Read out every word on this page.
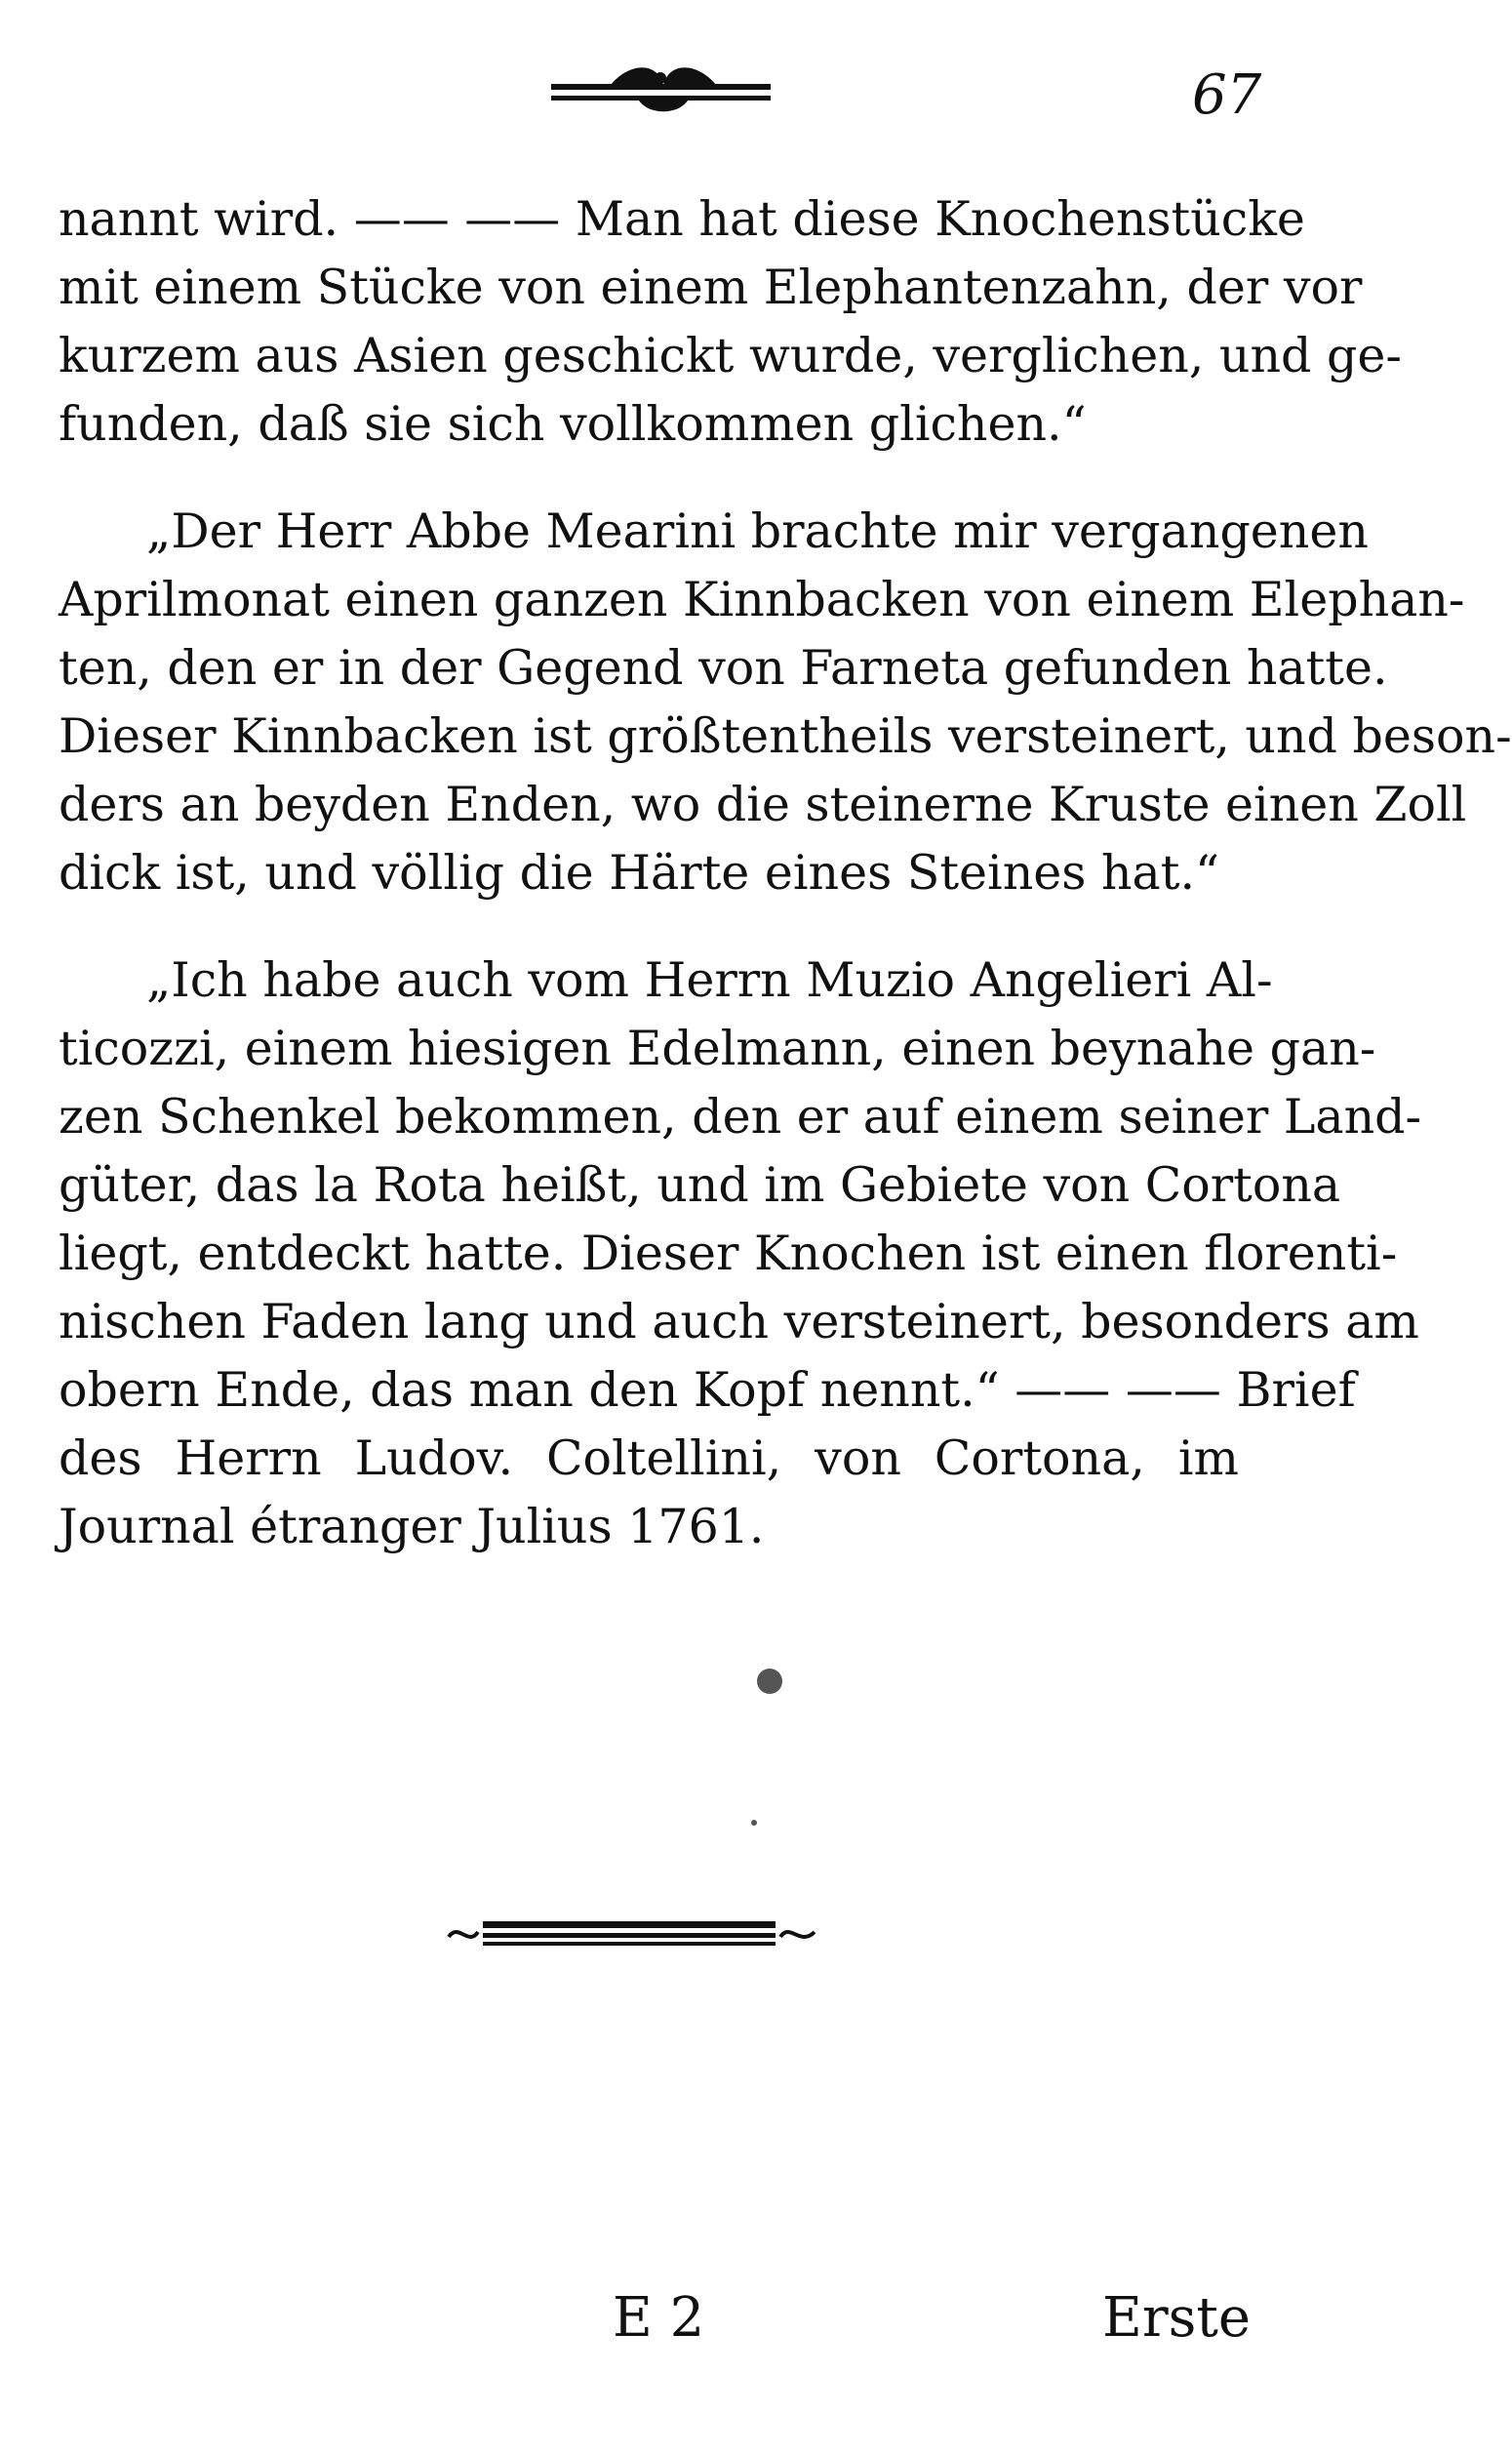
67
nannt wird. —— —— Man hat diese Knochenstücke
mit einem Stücke von einem Elephantenzahn, der vor
kurzem aus Asien geschickt wurde, verglichen, und ge-
funden, daß sie sich vollkommen glichen.“
„Der Herr Abbe Mearini brachte mir vergangenen
Aprilmonat einen ganzen Kinnbacken von einem Elephan-
ten, den er in der Gegend von Farneta gefunden hatte.
Dieser Kinnbacken ist größtentheils versteinert, und beson-
ders an beyden Enden, wo die steinerne Kruste einen Zoll
dick ist, und völlig die Härte eines Steines hat.“
„Ich habe auch vom Herrn Muzio Angelieri Al-
ticozzi, einem hiesigen Edelmann, einen beynahe gan-
zen Schenkel bekommen, den er auf einem seiner Land-
güter, das la Rota heißt, und im Gebiete von Cortona
liegt, entdeckt hatte. Dieser Knochen ist einen florenti-
nischen Faden lang und auch versteinert, besonders am
obern Ende, das man den Kopf nennt.“ —— —— Brief
des Herrn Ludov. Coltellini, von Cortona, im
Journal étranger Julius 1761.
E 2	Erste
